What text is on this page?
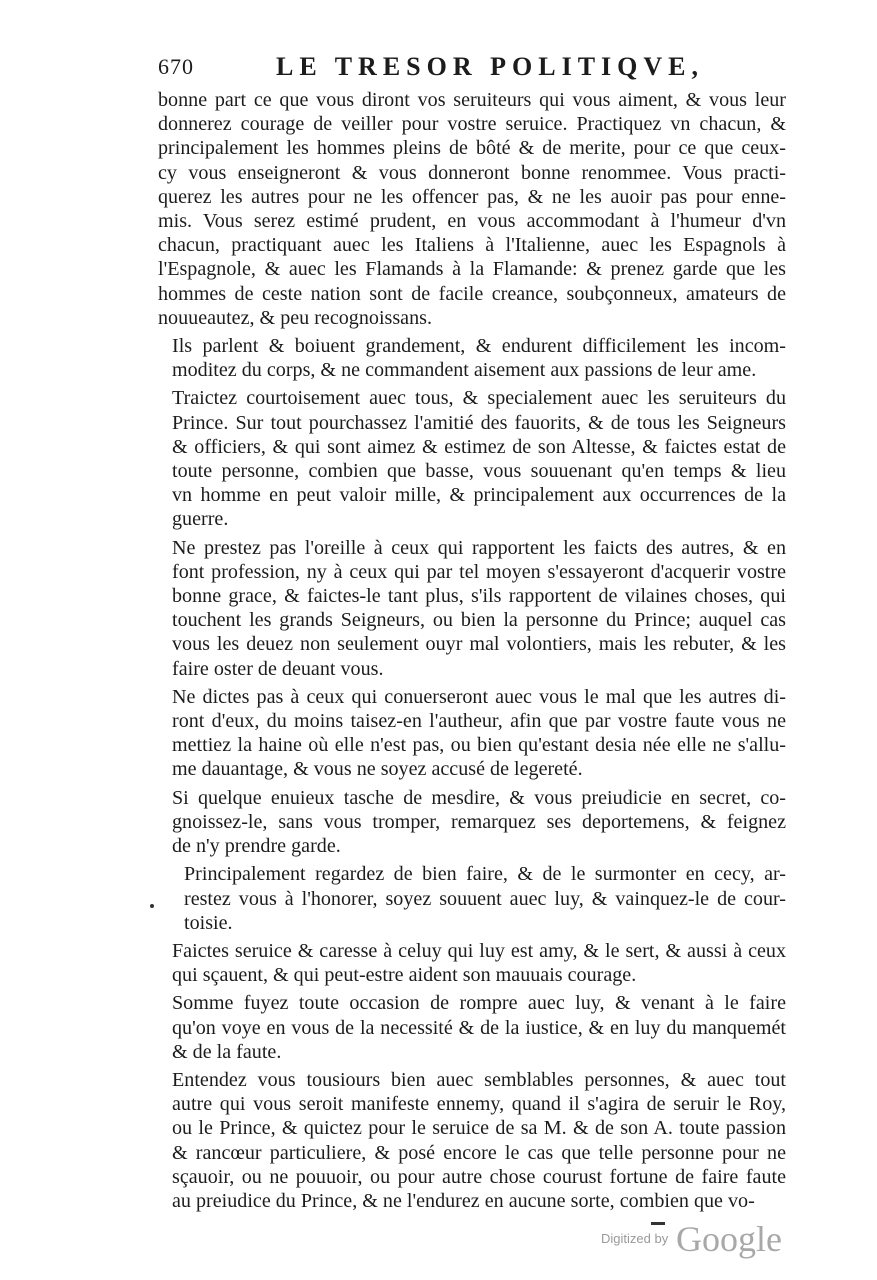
670	LE TRESOR POLITIQVE,
bonne part ce que vous diront vos seruiteurs qui vous aiment, & vous leur
donnerez courage de veiller pour vostre seruice. Practiquez vn chacun, &
principalement les hommes pleins de bôté & de merite, pour ce que ceux-
cy vous enseigneront & vous donneront bonne renommee. Vous practi-
querez les autres pour ne les offencer pas, & ne les auoir pas pour enne-
mis. Vous serez estimé prudent, en vous accommodant à l'humeur d'vn
chacun, practiquant auec les Italiens à l'Italienne, auec les Espagnols à
l'Espagnole, & auec les Flamands à la Flamande: & prenez garde que les
hommes de ceste nation sont de facile creance, soubçonneux, amateurs de
nouueautez, & peu recognoissans.
Ils parlent & boiuent grandement, & endurent difficilement les incom-
moditez du corps, & ne commandent aisement aux passions de leur ame.
Traictez courtoisement auec tous, & specialement auec les seruiteurs du
Prince. Sur tout pourchassez l'amitié des fauorits, & de tous les Seigneurs
& officiers, & qui sont aimez & estimez de son Altesse, & faictes estat de
toute personne, combien que basse, vous souuenant qu'en temps & lieu
vn homme en peut valoir mille, & principalement aux occurrences de la
guerre.
Ne prestez pas l'oreille à ceux qui rapportent les faicts des autres, & en
font profession, ny à ceux qui par tel moyen s'essayeront d'acquerir vostre
bonne grace, & faictes-le tant plus, s'ils rapportent de vilaines choses, qui
touchent les grands Seigneurs, ou bien la personne du Prince; auquel cas
vous les deuez non seulement ouyr mal volontiers, mais les rebuter, & les
faire oster de deuant vous.
Ne dictes pas à ceux qui conuerseront auec vous le mal que les autres di-
ront d'eux, du moins taisez-en l'autheur, afin que par vostre faute vous ne
mettiez la haine où elle n'est pas, ou bien qu'estant desia née elle ne s'allu-
me dauantage, & vous ne soyez accusé de legereté.
Si quelque enuieux tasche de mesdire, & vous preiudicie en secret, co-
gnoissez-le, sans vous tromper, remarquez ses deportemens, & feignez
de n'y prendre garde.
Principalement regardez de bien faire, & de le surmonter en cecy, ar-
restez vous à l'honorer, soyez souuent auec luy, & vainquez-le de cour-
toisie.
Faictes seruice & caresse à celuy qui luy est amy, & le sert, & aussi à ceux
qui sçauent, & qui peut-estre aident son mauuais courage.
Somme fuyez toute occasion de rompre auec luy, & venant à le faire
qu'on voye en vous de la necessité & de la iustice, & en luy du manquemét
& de la faute.
Entendez vous tousiours bien auec semblables personnes, & auec tout
autre qui vous seroit manifeste ennemy, quand il s'agira de seruir le Roy,
ou le Prince, & quictez pour le seruice de sa M. & de son A. toute passion
& rancœur particuliere, & posé encore le cas que telle personne pour ne
sçauoir, ou ne pouuoir, ou pour autre chose courust fortune de faire faute
au preiudice du Prince, & ne l'endurez en aucune sorte, combien que vo-
Digitized by Google
